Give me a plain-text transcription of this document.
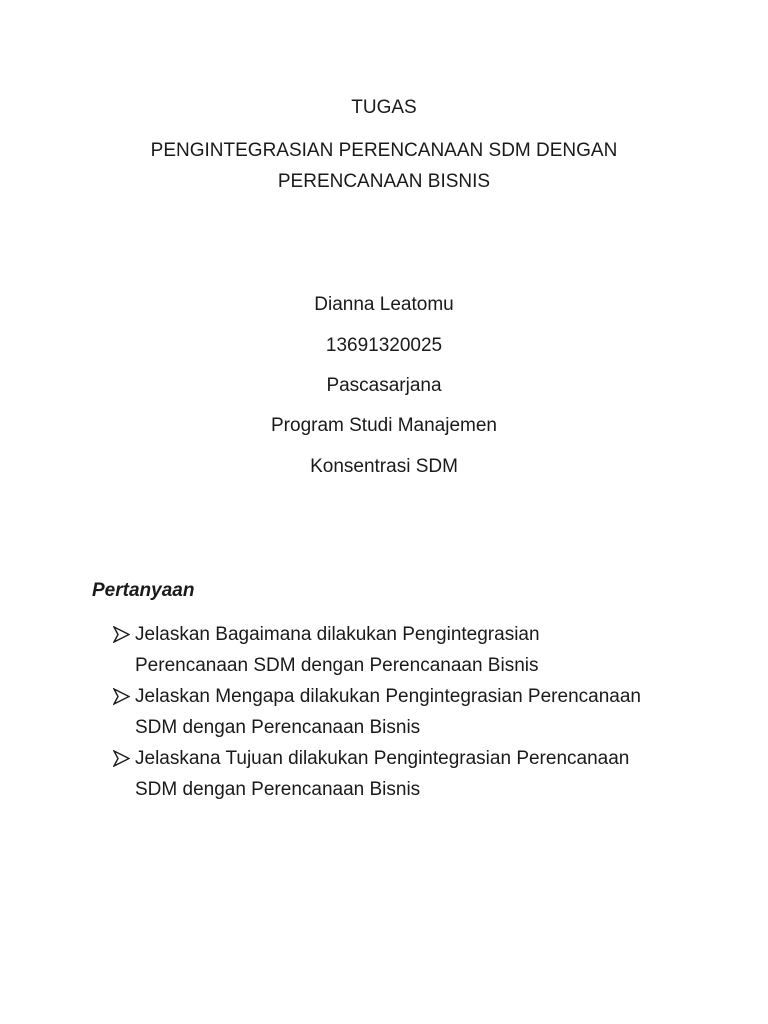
TUGAS
PENGINTEGRASIAN PERENCANAAN SDM DENGAN
PERENCANAAN BISNIS
Dianna Leatomu
13691320025
Pascasarjana
Program Studi Manajemen
Konsentrasi SDM
Pertanyaan
Jelaskan Bagaimana dilakukan Pengintegrasian
Perencanaan SDM dengan Perencanaan Bisnis
Jelaskan Mengapa dilakukan Pengintegrasian Perencanaan
SDM dengan Perencanaan Bisnis
Jelaskana Tujuan dilakukan Pengintegrasian Perencanaan
SDM dengan Perencanaan Bisnis
